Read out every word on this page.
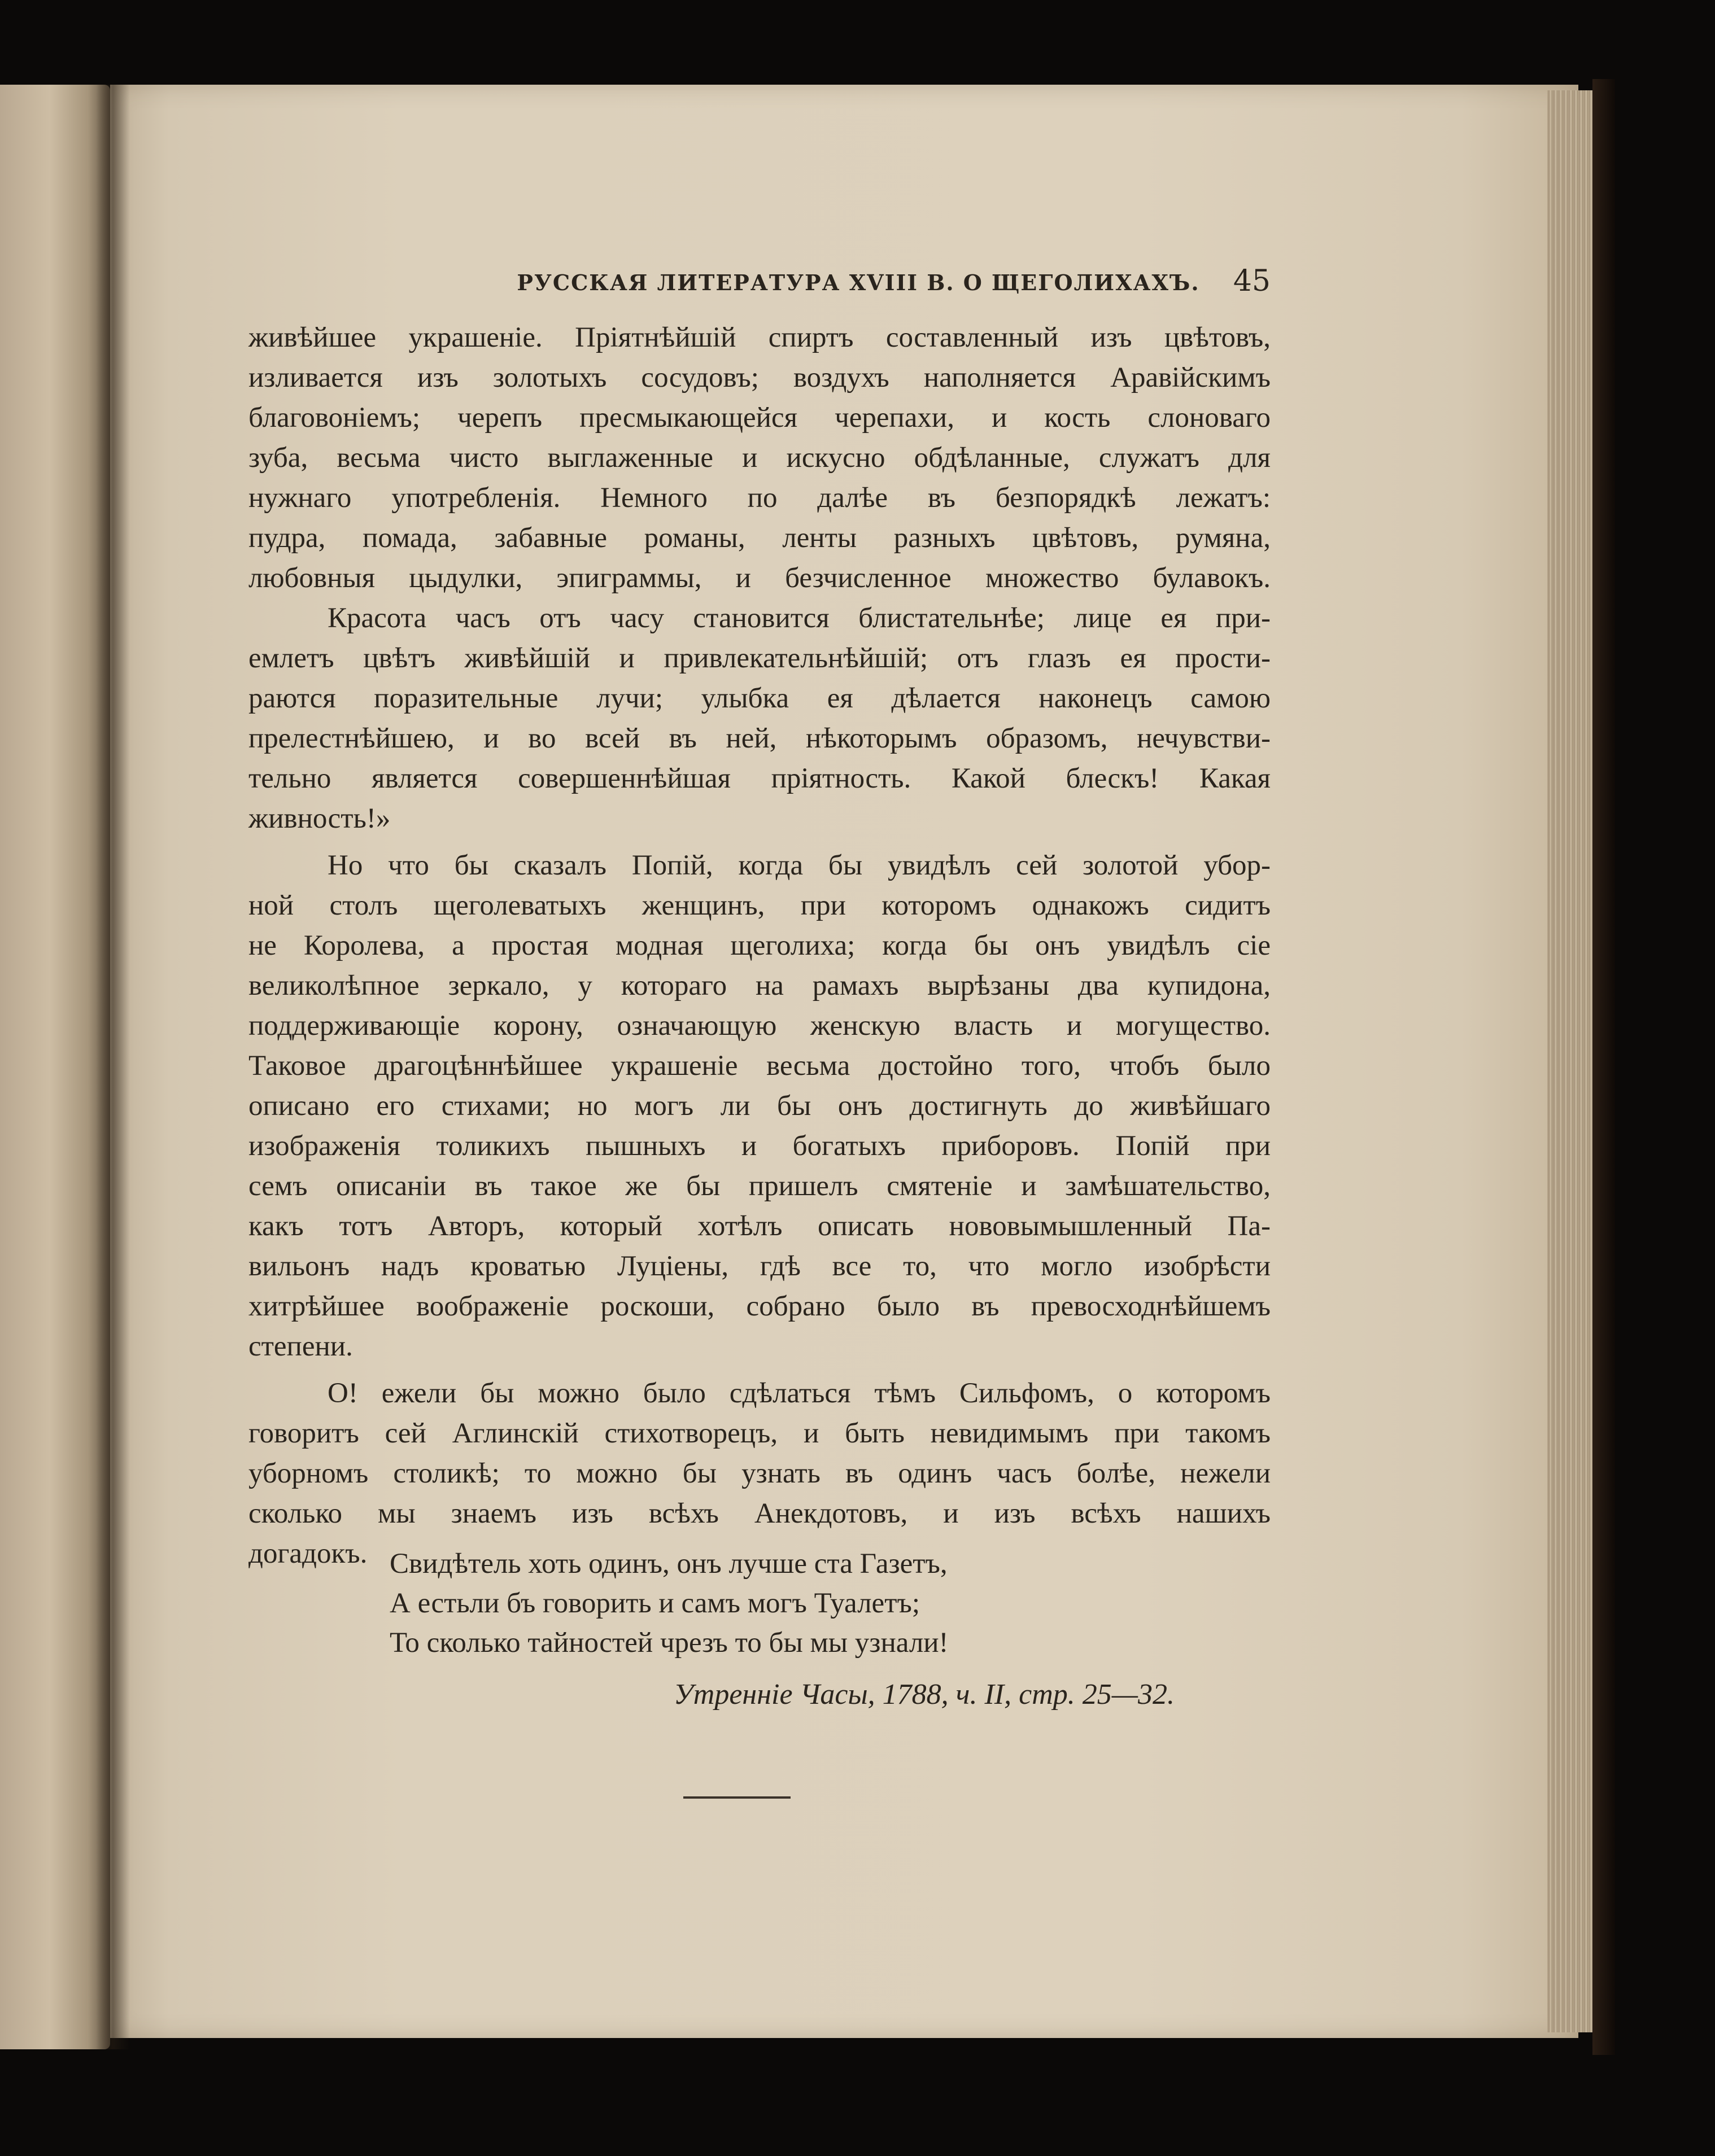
РУССКАЯ ЛИТЕРАТУРА XVIII В. О ЩЕГОЛИХАХЪ.	45
живѣйшее украшеніе. Пріятнѣйшій спиртъ составленный изъ цвѣтовъ,
изливается изъ золотыхъ сосудовъ; воздухъ наполняется Аравійскимъ
благовоніемъ; черепъ пресмыкающейся черепахи, и кость слоноваго
зуба, весьма чисто выглаженные и искусно обдѣланные, служатъ для
нужнаго употребленія. Немного по далѣе въ безпорядкѣ лежатъ:
пудра, помада, забавные романы, ленты разныхъ цвѣтовъ, румяна,
любовныя цыдулки, эпиграммы, и безчисленное множество булавокъ.
Красота часъ отъ часу становится блистательнѣе; лице ея при-
емлетъ цвѣтъ живѣйшій и привлекательнѣйшій; отъ глазъ ея прости-
раются поразительные лучи; улыбка ея дѣлается наконецъ самою
прелестнѣйшею, и во всей въ ней, нѣкоторымъ образомъ, нечувстви-
тельно является совершеннѣйшая пріятность. Какой блескъ! Какая
живность!»
Но что бы сказалъ Попій, когда бы увидѣлъ сей золотой убор-
ной столъ щеголеватыхъ женщинъ, при которомъ однакожъ сидитъ
не Королева, а простая модная щеголиха; когда бы онъ увидѣлъ сіе
великолѣпное зеркало, у котораго на рамахъ вырѣзаны два купидона,
поддерживающіе корону, означающую женскую власть и могущество.
Таковое драгоцѣннѣйшее украшеніе весьма достойно того, чтобъ было
описано его стихами; но могъ ли бы онъ достигнуть до живѣйшаго
изображенія толикихъ пышныхъ и богатыхъ приборовъ. Попій при
семъ описаніи въ такое же бы пришелъ смятеніе и замѣшательство,
какъ тотъ Авторъ, который хотѣлъ описать нововымышленный Па-
вильонъ надъ кроватью Луціены, гдѣ все то, что могло изобрѣсти
хитрѣйшее воображеніе роскоши, собрано было въ превосходнѣйшемъ
степени.
О! ежели бы можно было сдѣлаться тѣмъ Сильфомъ, о которомъ
говоритъ сей Аглинскій стихотворецъ, и быть невидимымъ при такомъ
уборномъ столикѣ; то можно бы узнать въ одинъ часъ болѣе, нежели
сколько мы знаемъ изъ всѣхъ Анекдотовъ, и изъ всѣхъ нашихъ
догадокъ. Свидѣтель хоть одинъ, онъ лучше ста Газетъ,
А естьли бъ говорить и самъ могъ Туалетъ;
То сколько тайностей чрезъ то бы мы узнали!
Утренніе Часы, 1788, ч. II, стр. 25—32.
